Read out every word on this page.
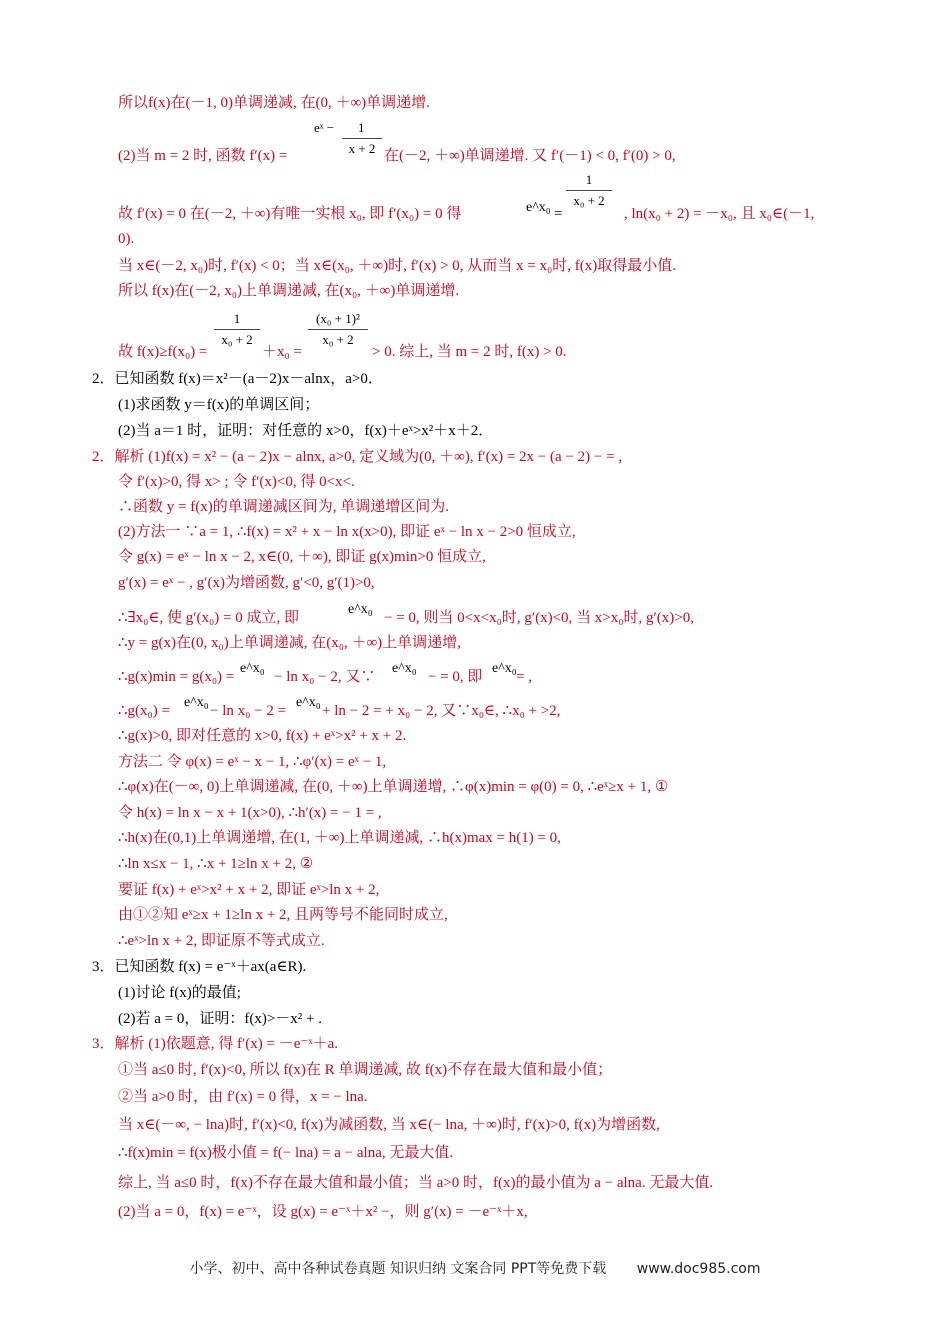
所以f(x)在(－1, 0)单调递减, 在(0, ＋∞)单调递增.
(2)当 m = 2 时, 函数 f′(x) =
eˣ −	1
x + 2 在(－2, ＋∞)单调递增. 又 f′(－1) < 0, f′(0) > 0,
故 f′(x) = 0 在(－2, ＋∞)有唯一实根 x₀, 即 f′(x₀) = 0 得	e^x₀ =
1
x₀ + 2
, ln(x₀ + 2) = －x₀, 且 x₀∈(－1,
0).
当 x∈(－2, x₀)时, f′(x) < 0；当 x∈(x₀, ＋∞)时, f′(x) > 0, 从而当 x = x₀时, f(x)取得最小值.
所以 f(x)在(－2, x₀)上单调递减, 在(x₀, ＋∞)单调递增.
故 f(x)≥f(x₀) =
1
x₀ + 2
＋x₀ =
(x₀ + 1)²
x₀ + 2
> 0. 综上, 当 m = 2 时, f(x) > 0.
2．已知函数 f(x)＝x²－(a－2)x－alnx，a>0．
(1)求函数 y＝f(x)的单调区间；
(2)当 a＝1 时，证明：对任意的 x>0，f(x)＋eˣ>x²＋x＋2．
2．解析 (1)f(x) = x² − (a − 2)x − alnx, a>0, 定义域为(0, ＋∞), f′(x) = 2x − (a − 2) − = ,
令 f′(x)>0, 得 x> ; 令 f′(x)<0, 得 0<x<.
∴函数 y = f(x)的单调递减区间为, 单调递增区间为.
(2)方法一 ∵a = 1, ∴f(x) = x² + x − ln x(x>0), 即证 eˣ − ln x − 2>0 恒成立,
令 g(x) = eˣ − ln x − 2, x∈(0, ＋∞), 即证 g(x)min>0 恒成立,
g′(x) = eˣ − , g′(x)为增函数, g′<0, g′(1)>0,
∴∃x₀∈, 使 g′(x₀) = 0 成立, 即
e^x₀
− = 0, 则当 0<x<x₀时, g′(x)<0, 当 x>x₀时, g′(x)>0,
∴y = g(x)在(0, x₀)上单调递减, 在(x₀, ＋∞)上单调递增,
∴g(x)min = g(x₀) =
e^x₀
− ln x₀ − 2, 又∵
e^x₀
− = 0, 即
e^x₀
= ,
∴g(x₀) =
e^x₀
− ln x₀ − 2 =
e^x₀
+ ln − 2 = + x₀ − 2, 又∵x₀∈, ∴x₀ + >2,
∴g(x)>0, 即对任意的 x>0, f(x) + eˣ>x² + x + 2.
方法二 令 φ(x) = eˣ − x − 1, ∴φ′(x) = eˣ − 1,
∴φ(x)在(－∞, 0)上单调递减, 在(0, ＋∞)上单调递增, ∴φ(x)min = φ(0) = 0, ∴eˣ≥x + 1, ①
令 h(x) = ln x − x + 1(x>0), ∴h′(x) = − 1 = ,
∴h(x)在(0,1)上单调递增, 在(1, ＋∞)上单调递减, ∴h(x)max = h(1) = 0,
∴ln x≤x − 1, ∴x + 1≥ln x + 2, ②
要证 f(x) + eˣ>x² + x + 2, 即证 eˣ>ln x + 2,
由①②知 eˣ≥x + 1≥ln x + 2, 且两等号不能同时成立,
∴eˣ>ln x + 2, 即证原不等式成立.
3．已知函数 f(x) = e⁻ˣ＋ax(a∈R).
(1)讨论 f(x)的最值;
(2)若 a = 0，证明：f(x)>－x² + .
3．解析 (1)依题意, 得 f′(x) = －e⁻ˣ＋a.
①当 a≤0 时, f′(x)<0, 所以 f(x)在 R 单调递减, 故 f(x)不存在最大值和最小值；
②当 a>0 时，由 f′(x) = 0 得，x = − lna.
当 x∈(－∞, − lna)时, f′(x)<0, f(x)为减函数, 当 x∈(− lna, ＋∞)时, f′(x)>0, f(x)为增函数,
∴f(x)min = f(x)极小值 = f(− lna) = a − alna, 无最大值.
综上, 当 a≤0 时，f(x)不存在最大值和最小值；当 a>0 时，f(x)的最小值为 a − alna. 无最大值.
(2)当 a = 0，f(x) = e⁻ˣ，设 g(x) = e⁻ˣ＋x² −，则 g′(x) = －e⁻ˣ＋x,
小学、初中、高中各种试卷真题 知识归纳 文案合同 PPT等免费下载 www.doc985.com
